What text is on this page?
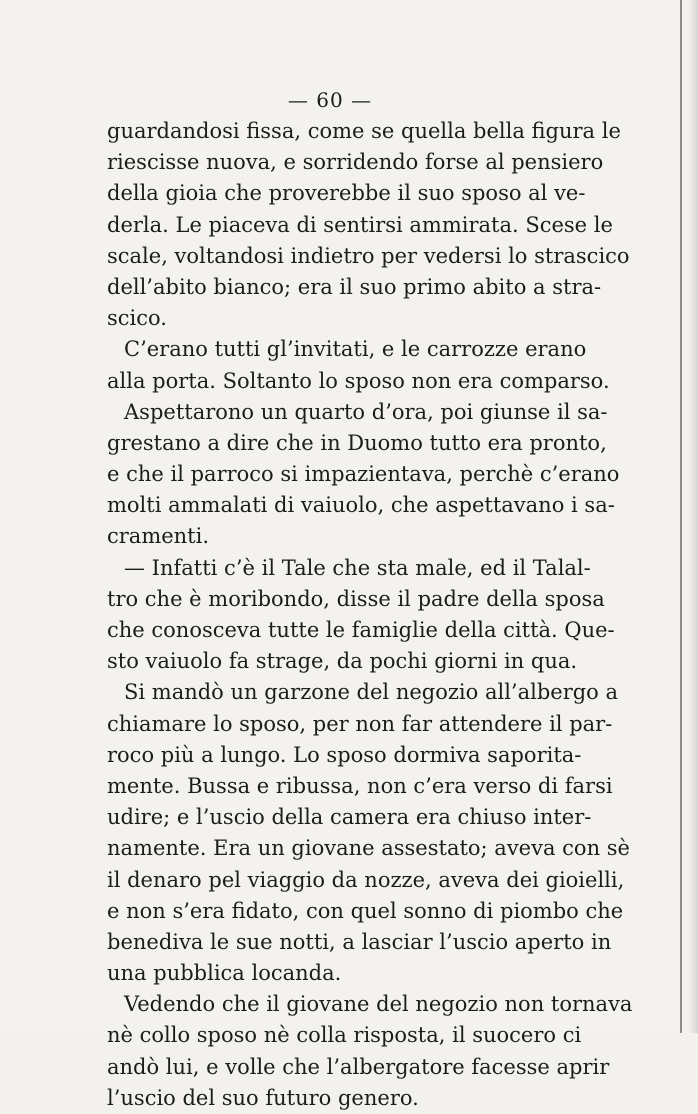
— 60 —
guardandosi fissa, come se quella bella figura le
riescisse nuova, e sorridendo forse al pensiero
della gioia che proverebbe il suo sposo al ve-
derla. Le piaceva di sentirsi ammirata. Scese le
scale, voltandosi indietro per vedersi lo strascico
dell’abito bianco; era il suo primo abito a stra-
scico.
C’erano tutti gl’invitati, e le carrozze erano
alla porta. Soltanto lo sposo non era comparso.
Aspettarono un quarto d’ora, poi giunse il sa-
grestano a dire che in Duomo tutto era pronto,
e che il parroco si impazientava, perchè c’erano
molti ammalati di vaiuolo, che aspettavano i sa-
cramenti.
— Infatti c’è il Tale che sta male, ed il Talal-
tro che è moribondo, disse il padre della sposa
che conosceva tutte le famiglie della città. Que-
sto vaiuolo fa strage, da pochi giorni in qua.
Si mandò un garzone del negozio all’albergo a
chiamare lo sposo, per non far attendere il par-
roco più a lungo. Lo sposo dormiva saporita-
mente. Bussa e ribussa, non c’era verso di farsi
udire; e l’uscio della camera era chiuso inter-
namente. Era un giovane assestato; aveva con sè
il denaro pel viaggio da nozze, aveva dei gioielli,
e non s’era fidato, con quel sonno di piombo che
benediva le sue notti, a lasciar l’uscio aperto in
una pubblica locanda.
Vedendo che il giovane del negozio non tornava
nè collo sposo nè colla risposta, il suocero ci
andò lui, e volle che l’albergatore facesse aprir
l’uscio del suo futuro genero.
